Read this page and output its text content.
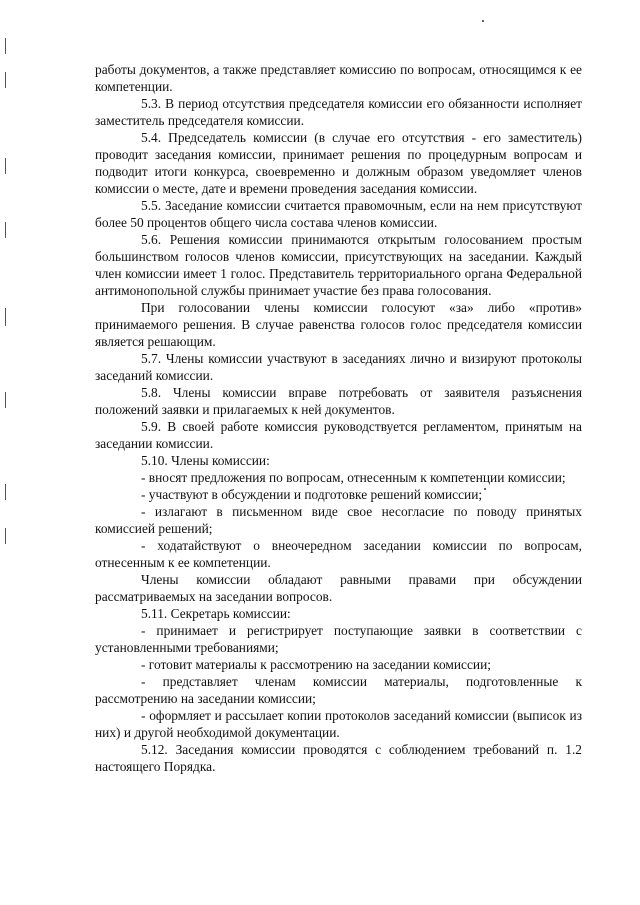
работы документов, а также представляет комиссию по вопросам, относящимся к ее компетенции.

5.3. В период отсутствия председателя комиссии его обязанности исполняет заместитель председателя комиссии.

5.4. Председатель комиссии (в случае его отсутствия - его заместитель) проводит заседания комиссии, принимает решения по процедурным вопросам и подводит итоги конкурса, своевременно и должным образом уведомляет членов комиссии о месте, дате и времени проведения заседания комиссии.

5.5. Заседание комиссии считается правомочным, если на нем присутствуют более 50 процентов общего числа состава членов комиссии.

5.6. Решения комиссии принимаются открытым голосованием простым большинством голосов членов комиссии, присутствующих на заседании. Каждый член комиссии имеет 1 голос. Представитель территориального органа Федеральной антимонопольной службы принимает участие без права голосования.

При голосовании члены комиссии голосуют «за» либо «против» принимаемого решения. В случае равенства голосов голос председателя комиссии является решающим.

5.7. Члены комиссии участвуют в заседаниях лично и визируют протоколы заседаний комиссии.

5.8. Члены комиссии вправе потребовать от заявителя разъяснения положений заявки и прилагаемых к ней документов.

5.9. В своей работе комиссия руководствуется регламентом, принятым на заседании комиссии.

5.10. Члены комиссии:

- вносят предложения по вопросам, отнесенным к компетенции комиссии;

- участвуют в обсуждении и подготовке решений комиссии;

- излагают в письменном виде свое несогласие по поводу принятых комиссией решений;

- ходатайствуют о внеочередном заседании комиссии по вопросам, отнесенным к ее компетенции.

Члены комиссии обладают равными правами при обсуждении рассматриваемых на заседании вопросов.

5.11. Секретарь комиссии:

- принимает и регистрирует поступающие заявки в соответствии с установленными требованиями;

- готовит материалы к рассмотрению на заседании комиссии;

- представляет членам комиссии материалы, подготовленные к рассмотрению на заседании комиссии;

- оформляет и рассылает копии протоколов заседаний комиссии (выписок из них) и другой необходимой документации.

5.12. Заседания комиссии проводятся с соблюдением требований п. 1.2 настоящего Порядка.
